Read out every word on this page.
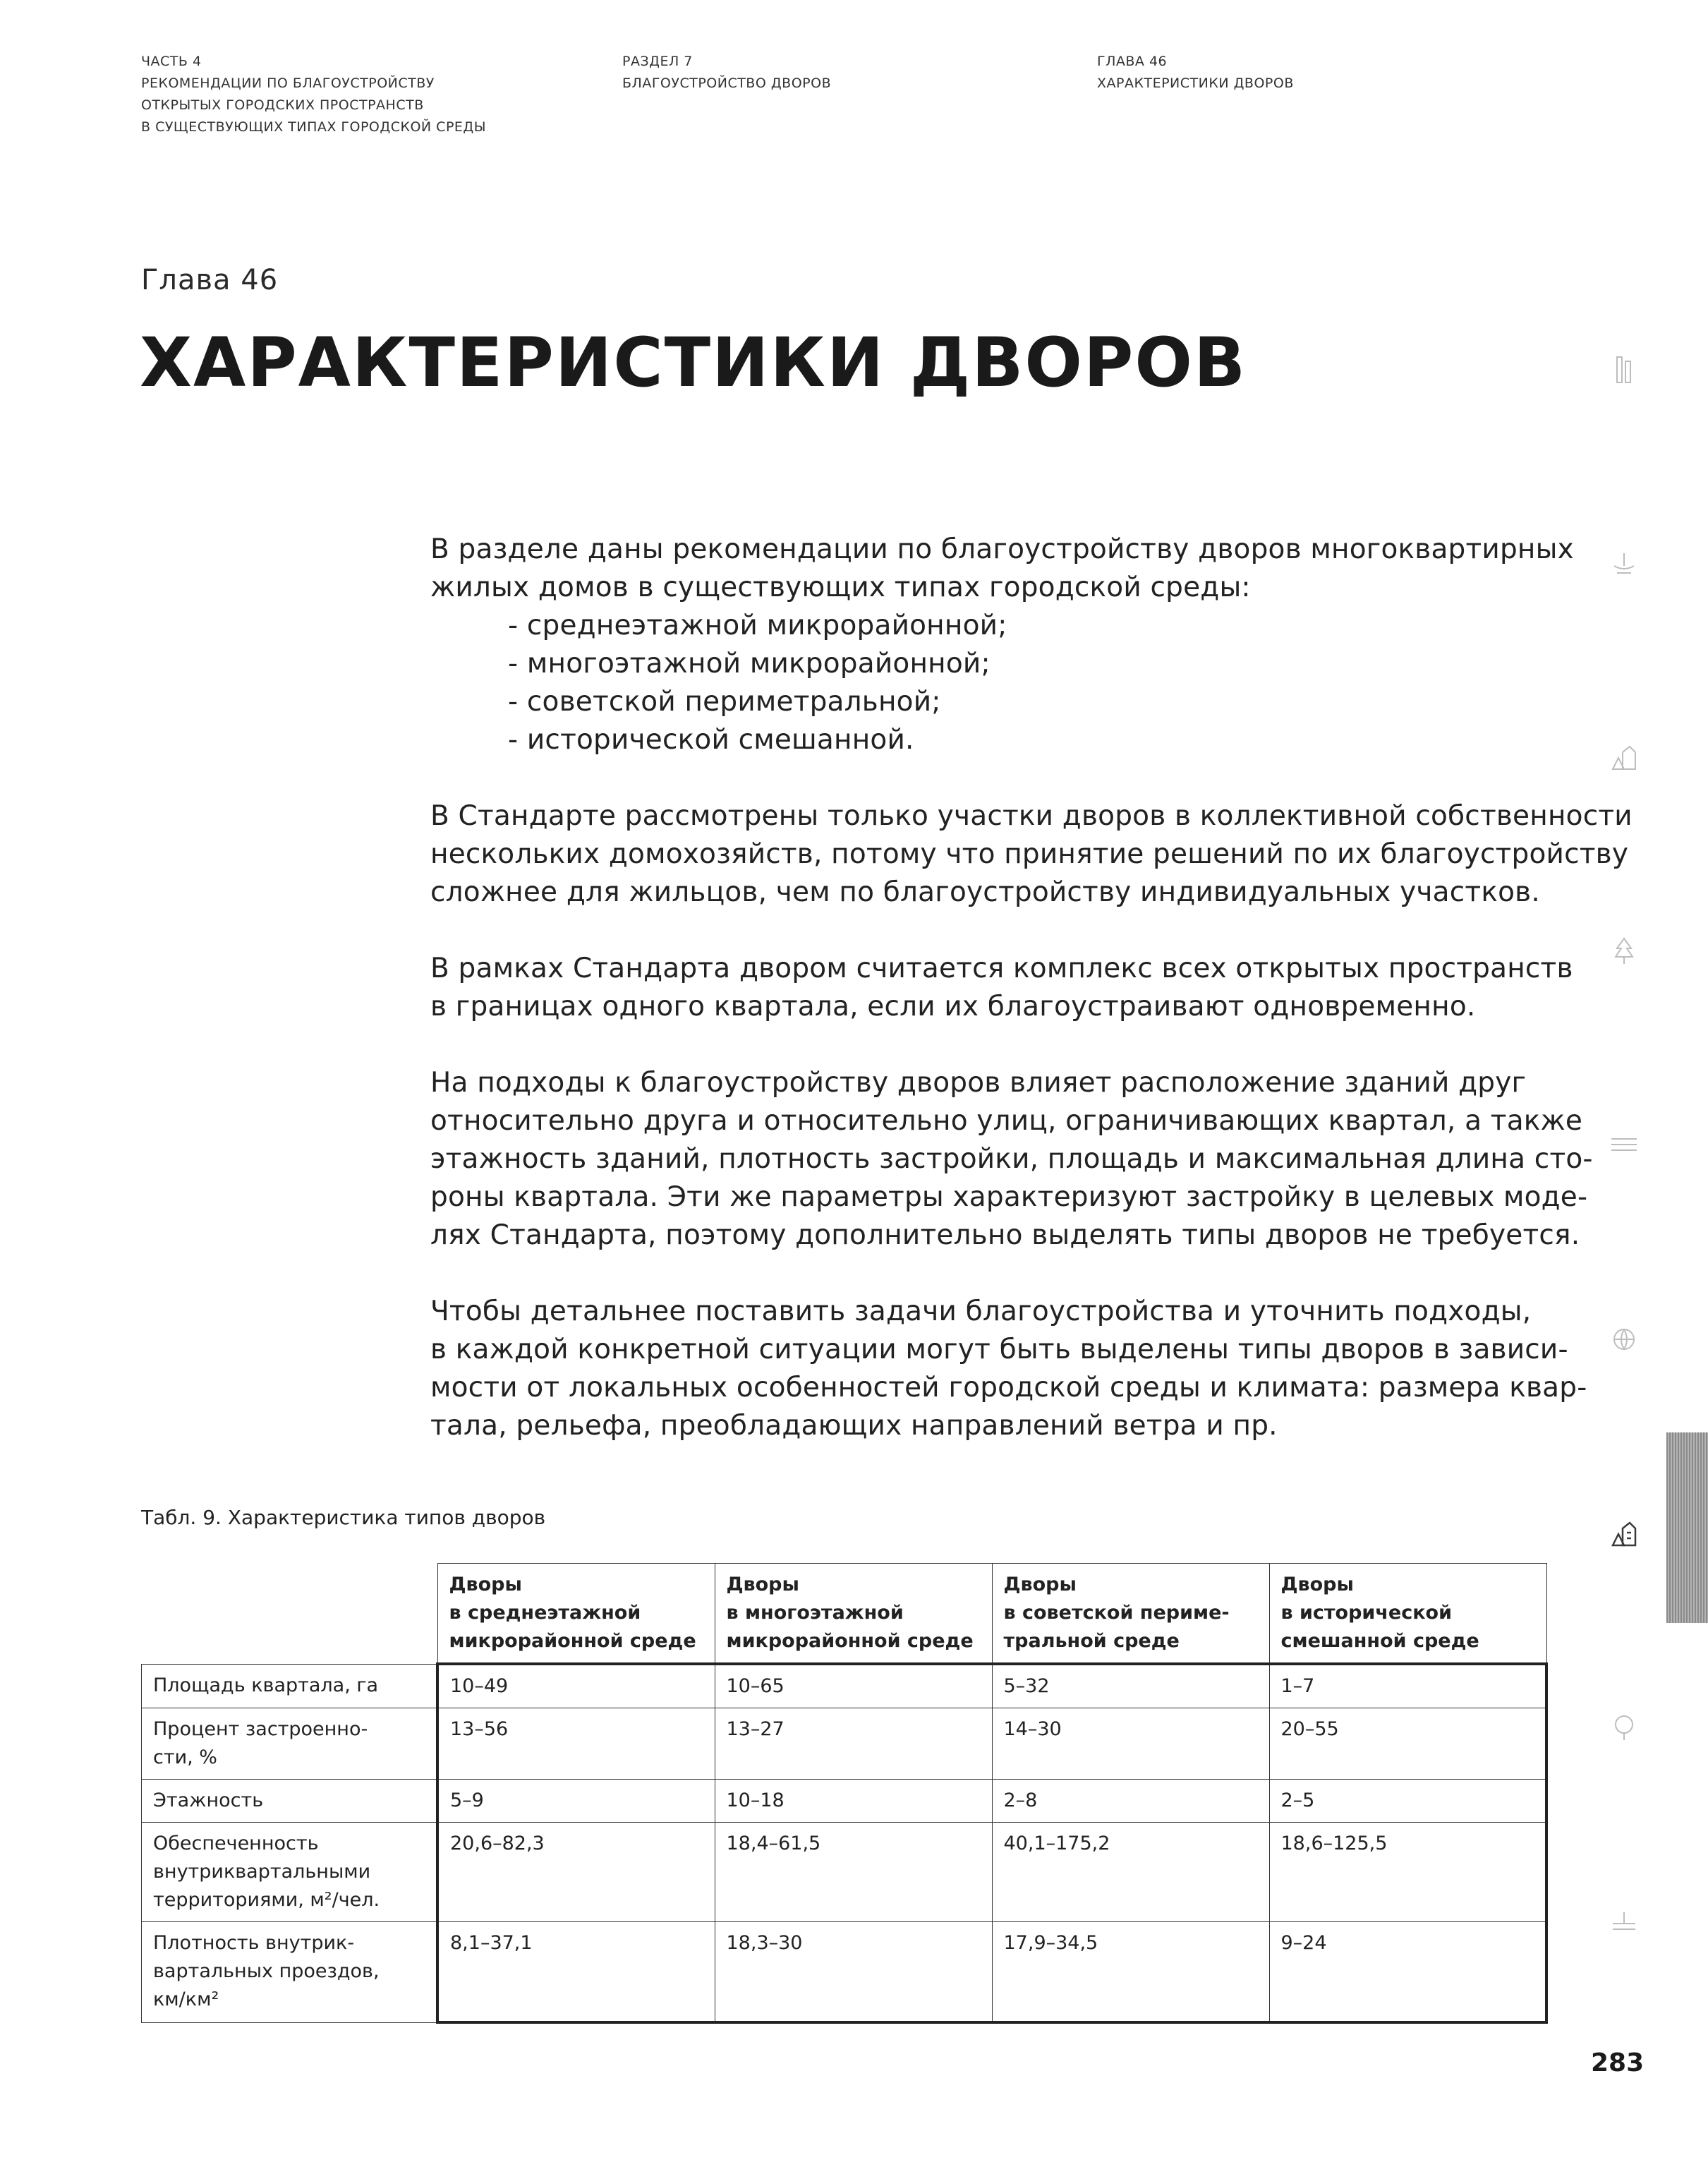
ЧАСТЬ 4
РЕКОМЕНДАЦИИ ПО БЛАГОУСТРОЙСТВУ
ОТКРЫТЫХ ГОРОДСКИХ ПРОСТРАНСТВ
В СУЩЕСТВУЮЩИХ ТИПАХ ГОРОДСКОЙ СРЕДЫ
РАЗДЕЛ 7
БЛАГОУСТРОЙСТВО ДВОРОВ
ГЛАВА 46
ХАРАКТЕРИСТИКИ ДВОРОВ
Глава 46
ХАРАКТЕРИСТИКИ ДВОРОВ

В разделе даны рекомендации по благоустройству дворов многоквартирных
жилых домов в существующих типах городской среды:

- среднеэтажной микрорайонной;
- многоэтажной микрорайонной;
- советской периметральной;
- исторической смешанной.

В Стандарте рассмотрены только участки дворов в коллективной собственности
нескольких домохозяйств, потому что принятие решений по их благоустройству
сложнее для жильцов, чем по благоустройству индивидуальных участков.

В рамках Стандарта двором считается комплекс всех открытых пространств
в границах одного квартала, если их благоустраивают одновременно.

На подходы к благоустройству дворов влияет расположение зданий друг
относительно друга и относительно улиц, ограничивающих квартал, а также
этажность зданий, плотность застройки, площадь и максимальная длина сто-
роны квартала. Эти же параметры характеризуют застройку в целевых моде-
лях Стандарта, поэтому дополнительно выделять типы дворов не требуется.

Чтобы детальнее поставить задачи благоустройства и уточнить подходы,
в каждой конкретной ситуации могут быть выделены типы дворов в зависи-
мости от локальных особенностей городской среды и климата: размера квар-
тала, рельефа, преобладающих направлений ветра и пр.

Табл. 9. Характеристика типов дворов
	Дворы
в среднеэтажной
микрорайонной среде	Дворы
в многоэтажной
микрорайонной среде	Дворы
в советской периме-
тральной среде	Дворы
в исторической
смешанной среде
Площадь квартала, га	10–49	10–65	5–32	1–7
Процент застроенно-
сти, %	13–56	13–27	14–30	20–55
Этажность	5–9	10–18	2–8	2–5
Обеспеченность
внутриквартальными
территориями, м²/чел.	20,6–82,3	18,4–61,5	40,1–175,2	18,6–125,5
Плотность внутрик-
вартальных проездов,
км/км²	8,1–37,1	18,3–30	17,9–34,5	9–24
283
